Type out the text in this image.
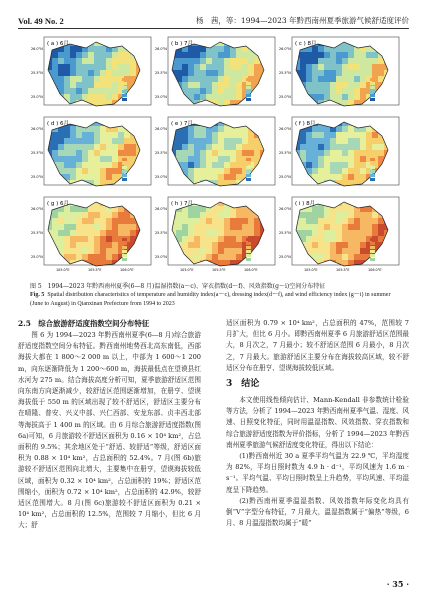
Vol. 49 No. 2	杨　茜，等：1994—2023 年黔西南州夏季旅游气候舒适度评价
( a ) 6月
26.0°N
25.5°N
25.0°N
( b ) 7月
26.0°N
25.5°N
25.0°N
( c ) 8月
26.0°N
25.5°N
25.0°N
( d ) 6月
26.0°N
25.5°N
25.0°N
( e ) 7月
26.0°N
25.5°N
25.0°N
( f ) 8月
26.0°N
25.5°N
25.0°N
( g ) 6月
26.0°N
25.5°N
25.0°N
105.0°E	105.5°E	106.0°E
( h ) 7月
26.0°N
25.5°N
25.0°N
105.0°E	105.5°E	106.0°E
( i ) 8月
26.0°N
25.5°N
25.0°N
105.0°E	105.5°E	106.0°E
图 5　1994—2023 年黔西南州夏季(6—8 月)温湿指数(a～c)、穿衣指数(d～f)、风效指数(g～i)空间分布特征
Fig. 5 Spatial distribution characteristics of temperature and humidity index(a～c), dressing index(d～f), and wind efficiency index (g～i) in summer (June to August) in Qianxinan Prefecture from 1994 to 2023
2.5　综合旅游舒适度指数空间分布特征

图 6 为 1994—2023 年黔西南州夏季(6—8 月)综合旅游舒适度指数空间分布特征。黔西南州地势西北高东南低，西部海拔大都在 1 800～2 000 m 以上，中部为 1 600～1 200 m，向东逐渐降低为 1 200～600 m，海拔最低点在望谟县红水河为 275 m。结合海拔高度分析可知，夏季旅游舒适区范围向东南方向逐渐减少，较舒适区范围逐渐增加，在册亨、望谟海拔低于 550 m 的区域出现了较不舒适区，舒适区主要分布在晴隆、普安、兴义中部、兴仁西部、安龙东部、贞丰西北部等海拔高于 1 400 m 的区域。由 6 月综合旅游舒适度指数(图 6a)可知，6 月旅游较不舒适区面积为 0.16 × 10⁴ km²，占总面积的 9.5%；其余地区处于“舒适、较舒适”等级，舒适区面积为 0.88 × 10⁴ km²，占总面积的 52.4%。7 月(图 6b)旅游较不舒适区范围向北增大，主要集中在册亨，望谟海拔较低区域，面积为 0.32 × 10⁴ km²，占总面积的 19%；舒适区范围缩小，面积为 0.72 × 10⁴ km²，占总面积的 42.9%，较舒适区范围增大。8 月(图 6c)旅游较不舒适区面积为 0.21 × 10⁴ km²，占总面积的 12.5%，范围较 7 月缩小，但比 6 月大；舒

适区面积为 0.79 × 10⁴ km²，占总面积的 47%，范围较 7 月扩大，但比 6 月小。即黔西南州夏季 6 月旅游舒适区范围最大，8 月次之，7 月最小；较不舒适区范围 6 月最小，8 月次之，7 月最大。旅游舒适区主要分布在海拔较高区域，较不舒适区分布在册亨、望谟海拔较低区域。

3　结论

本文使用线性倾向估计、Mann-Kendall 非参数统计检验等方法，分析了 1994—2023 年黔西南州夏季气温、湿度、风速、日照变化特征，同时用温湿指数、风效指数、穿衣指数和综合旅游舒适度指数为评价指标，分析了 1994—2023 年黔西南州夏季旅游气候舒适度变化特征，得出以下结论：

(1)黔西南州近 30 a 夏季平均气温为 22.9 ℃，平均湿度为 82%，平均日照时数为 4.9 h · d⁻¹，平均风速为 1.6 m · s⁻¹。平均气温、平均日照时数呈上升趋势，平均风速、平均湿度呈下降趋势。

(2)黔西南州夏季温湿指数、风效指数年际变化均具有倒“V”字型分布特征，7 月最大，温湿指数属于“偏热”等级，6 月、8 月温湿指数均属于“暖”

· 35 ·
